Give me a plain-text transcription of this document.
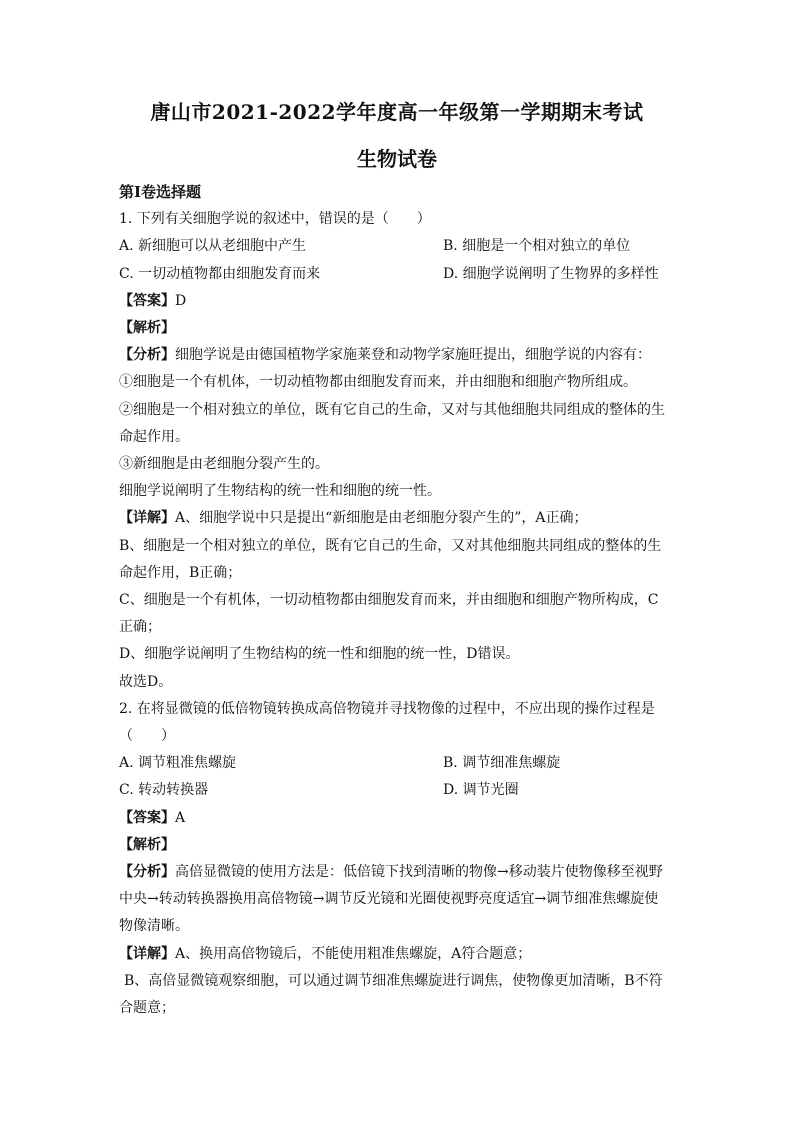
唐山市2021-2022学年度高一年级第一学期期末考试
生物试卷

第Ⅰ卷选择题

1. 下列有关细胞学说的叙述中，错误的是（　　）

A. 新细胞可以从老细胞中产生	B. 细胞是一个相对独立的单位
C. 一切动植物都由细胞发育而来	D. 细胞学说阐明了生物界的多样性

【答案】D

【解析】

【分析】细胞学说是由德国植物学家施莱登和动物学家施旺提出，细胞学说的内容有：

①细胞是一个有机体，一切动植物都由细胞发育而来，并由细胞和细胞产物所组成。

②细胞是一个相对独立的单位，既有它自己的生命，又对与其他细胞共同组成的整体的生

命起作用。

③新细胞是由老细胞分裂产生的。

细胞学说阐明了生物结构的统一性和细胞的统一性。

【详解】A、细胞学说中只是提出“新细胞是由老细胞分裂产生的”，A正确；

B、细胞是一个相对独立的单位，既有它自己的生命，又对其他细胞共同组成的整体的生

命起作用，B正确；

C、细胞是一个有机体，一切动植物都由细胞发育而来，并由细胞和细胞产物所构成，C

正确；

D、细胞学说阐明了生物结构的统一性和细胞的统一性，D错误。

故选D。

2. 在将显微镜的低倍物镜转换成高倍物镜并寻找物像的过程中，不应出现的操作过程是

（　　）

A. 调节粗准焦螺旋	B. 调节细准焦螺旋
C. 转动转换器	D. 调节光圈

【答案】A

【解析】

【分析】高倍显微镜的使用方法是：低倍镜下找到清晰的物像→移动装片使物像移至视野

中央→转动转换器换用高倍物镜→调节反光镜和光圈使视野亮度适宜→调节细准焦螺旋使

物像清晰。

【详解】A、换用高倍物镜后，不能使用粗准焦螺旋，A符合题意；

B、高倍显微镜观察细胞，可以通过调节细准焦螺旋进行调焦，使物像更加清晰，B不符

合题意；
